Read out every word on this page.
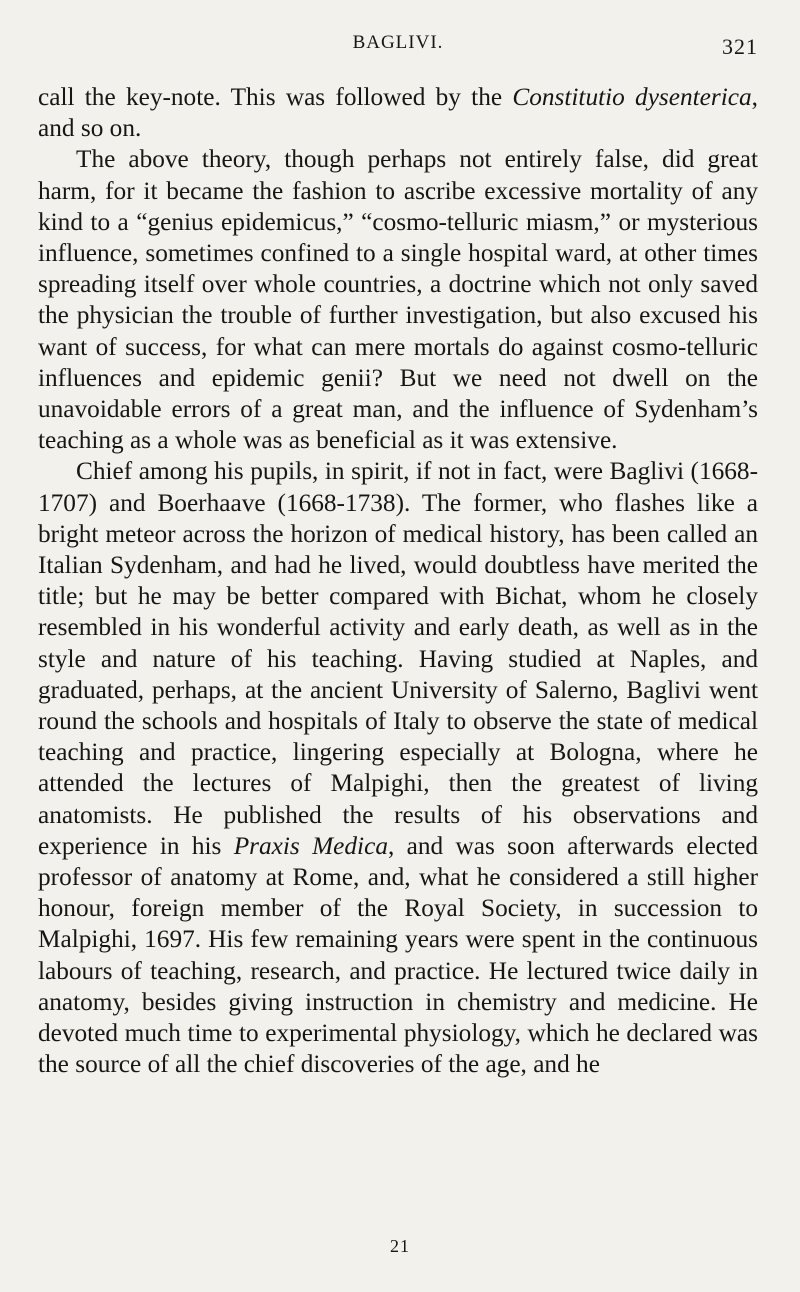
BAGLIVI.	321

call the key-note. This was followed by the Constitutio dysenterica, and so on.

The above theory, though perhaps not entirely false, did great harm, for it became the fashion to ascribe excessive mortality of any kind to a “genius epidemicus,” “cosmo-telluric miasm,” or mysterious influence, sometimes confined to a single hospital ward, at other times spreading itself over whole countries, a doctrine which not only saved the physician the trouble of further investigation, but also excused his want of success, for what can mere mortals do against cosmo-telluric influences and epidemic genii? But we need not dwell on the unavoidable errors of a great man, and the influence of Sydenham’s teaching as a whole was as beneficial as it was extensive.

Chief among his pupils, in spirit, if not in fact, were Baglivi (1668-1707) and Boerhaave (1668-1738). The former, who flashes like a bright meteor across the horizon of medical history, has been called an Italian Sydenham, and had he lived, would doubtless have merited the title; but he may be better compared with Bichat, whom he closely resembled in his wonderful activity and early death, as well as in the style and nature of his teaching. Having studied at Naples, and graduated, perhaps, at the ancient University of Salerno, Baglivi went round the schools and hospitals of Italy to observe the state of medical teaching and practice, lingering especially at Bologna, where he attended the lectures of Malpighi, then the greatest of living anatomists. He published the results of his observations and experience in his Praxis Medica, and was soon afterwards elected professor of anatomy at Rome, and, what he considered a still higher honour, foreign member of the Royal Society, in succession to Malpighi, 1697. His few remaining years were spent in the continuous labours of teaching, research, and practice. He lectured twice daily in anatomy, besides giving instruction in chemistry and medicine. He devoted much time to experimental physiology, which he declared was the source of all the chief discoveries of the age, and he

21
